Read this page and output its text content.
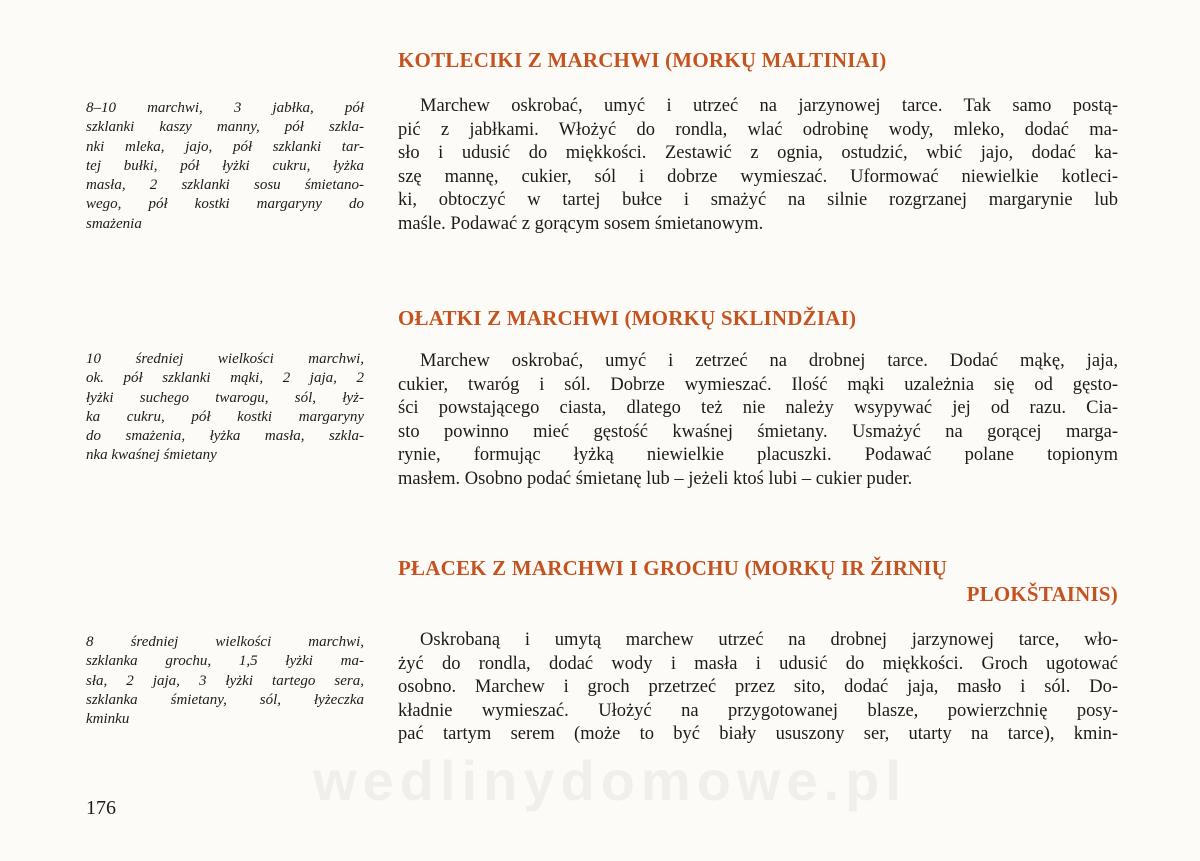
KOTLECIKI Z MARCHWI (MORKŲ MALTINIAI)
8–10 marchwi, 3 jabłka, pół
szklanki kaszy manny, pół szkla-
nki mleka, jajo, pół szklanki tar-
tej bułki, pół łyżki cukru, łyżka
masła, 2 szklanki sosu śmietano-
wego, pół kostki margaryny do
smażenia
Marchew oskrobać, umyć i utrzeć na jarzynowej tarce. Tak samo postą-
pić z jabłkami. Włożyć do rondla, wlać odrobinę wody, mleko, dodać ma-
sło i udusić do miękkości. Zestawić z ognia, ostudzić, wbić jajo, dodać ka-
szę mannę, cukier, sól i dobrze wymieszać. Uformować niewielkie kotleci-
ki, obtoczyć w tartej bułce i smażyć na silnie rozgrzanej margarynie lub
maśle. Podawać z gorącym sosem śmietanowym.
OŁATKI Z MARCHWI (MORKŲ SKLINDŽIAI)
10 średniej wielkości marchwi,
ok. pół szklanki mąki, 2 jaja, 2
łyżki suchego twarogu, sól, łyż-
ka cukru, pół kostki margaryny
do smażenia, łyżka masła, szkla-
nka kwaśnej śmietany
Marchew oskrobać, umyć i zetrzeć na drobnej tarce. Dodać mąkę, jaja,
cukier, twaróg i sól. Dobrze wymieszać. Ilość mąki uzależnia się od gęsto-
ści powstającego ciasta, dlatego też nie należy wsypywać jej od razu. Cia-
sto powinno mieć gęstość kwaśnej śmietany. Usmażyć na gorącej marga-
rynie, formując łyżką niewielkie placuszki. Podawać polane topionym
masłem. Osobno podać śmietanę lub – jeżeli ktoś lubi – cukier puder.
PŁACEK Z MARCHWI I GROCHU (MORKŲ IR ŽIRNIŲ
PLOKŠTAINIS)
8 średniej wielkości marchwi,
szklanka grochu, 1,5 łyżki ma-
sła, 2 jaja, 3 łyżki tartego sera,
szklanka śmietany, sól, łyżeczka
kminku
Oskrobaną i umytą marchew utrzeć na drobnej jarzynowej tarce, wło-
żyć do rondla, dodać wody i masła i udusić do miękkości. Groch ugotować
osobno. Marchew i groch przetrzeć przez sito, dodać jaja, masło i sól. Do-
kładnie wymieszać. Ułożyć na przygotowanej blasze, powierzchnię posy-
pać tartym serem (może to być biały ususzony ser, utarty na tarce), kmin-
wedlinydomowe.pl
176
